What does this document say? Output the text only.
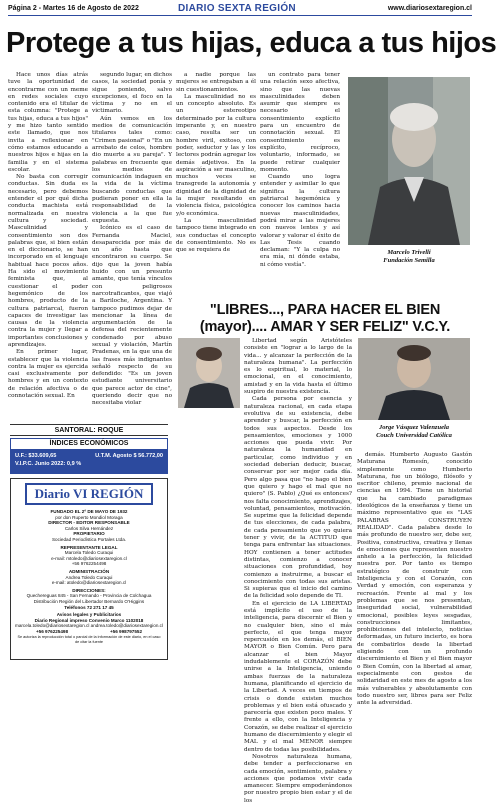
Página 2 - Martes 16 de Agosto de 2022	DIARIO SEXTA REGIÓN	www.diariosextaregion.cl
Protege a tus hijas, educa a tus hijos
Hace unos días atrás tuve la oportunidad de encontrarme con un meme en redes sociales cuyo contenido era el titular de esta columna: "Protege a tus hijas, educa a tus hijos" y me hizo tanto sentido este llamado, que nos invita a reflexionar en cómo estamos educando a nuestros hijos e hijas en la familia y en el sistema escolar.
No basta con corregir conductas. Sin duda es necesario, pero debemos entender el por qué dicha conducta machista está normalizada en nuestra cultura y sociedad. Masculinidad y consentimiento son dos palabras que, si bien están en el diccionario, se han incorporado en el lenguaje habitual hace pocos años. Ha sido el movimiento feminista que, al cuestionar el poder hegemónico de los hombres, producto de la cultura patriarcal, fueron capaces de investigar las causas de la violencia contra la mujer y llegar a importantes conclusiones y aprendizajes.
En primer lugar, establecer que la violencia contra la mujer es ejercida casi exclusivamente por hombres y en un contexto de relación afectiva o de connotación sexual. En
segundo lugar, en dichos casos, la sociedad ponía y sigue poniendo, salvo excepciones, el foco en la víctima y no en el victimario.
Aún vemos en los medios de comunicación titulares tales como: "Crimen pasional" o "En un arrebato de celos, hombre dio muerte a su pareja". Y palabras en frecuente que los medios de comunicación indaguen en la vida de la víctima buscando conductas que pudieran poner en ella la responsabilidad de la violencia a la que fue expuesta.
Icónico es el caso de Fernanda Maciel, desaparecida por más de un año hasta que encontraron su cuerpo. Se dijo que la joven había huido con un presunto amante, que tenía vínculos con peligrosos narcotraficantes, que viajó a Bariloche, Argentina. Y tampoco pudimos dejar de mencionar la línea de argumentación de la defensa del recientemente condenado por abuso sexual y violación, Martín Pradenas, en la que una de las frases más indignantes señaló respecto de su defendido: "Es un joven estudiante universitario que parece actor de cine", queriendo decir que no necesitaba violar
a nadie porque las mujeres se entregaban a él sin cuestionamientos.
La masculinidad no es un concepto absoluto. Es un estereotipo determinado por la cultura imperante y, en nuestro caso, resulta ser un hombre viril, exitoso, con poder, seductor y las y los lectores podrán agregar los demás adjetivos. En la aspiración a ser masculino, muchos veces se transgrede la autonomía y dignidad de la dignidad de la mujer resultando en violencia física, psicológica y/o económica.
La masculinidad tampoco tiene integrado en sus conductas el concepto de consentimiento. No es que se requiera de
un contrato para tener una relación sexo afectiva, sino que las nuevas masculinidades deben asumir que siempre es necesario el consentimiento explícito para un encuentro de connotación sexual. El consentimiento es explícito, recíproco, voluntario, informado, se puede retirar cualquier momento.
Cuando uno logra entender y asimilar lo que significa la cultura patriarcal hegemónica y conocer los caminos hacia nuevas masculinidades, podrá mirar a las mujeres con nuevos lentes y así valorar y valorar el éxito de Las Tesis cuando declaman: "Y la culpa no era mía, ni dónde estaba, ni cómo vestía".
Marcelo Trivelli
Fundación Semilla
"LIBRES..., PARA HACER EL BIEN (mayor).... AMAR Y SER FELIZ" V.C.Y.
Libertad según Aristóteles consiste en "lograr a lo largo de la vida... y alcanzar la perfección de la naturaleza humana". La perfección es lo espiritual, lo material, lo emocional, en el conocimiento, amistad y en la vida hasta el último suspiro de nuestra existencia.
Cada persona por esencia y naturaleza racional, en cada etapa evolutiva de su existencia, debe aprender y buscar, la perfección en todos sus aspectos. Desde los pensamientos, emociones y 1000 acciones que pueda vivir. Por naturaleza la humanidad en particular, como individuo y en sociedad deberían deducir, buscar, conservar por ser mejor cada día. Pero algo pasa que "no hago el bien que quiero y hago el mal que no quiero" (S. Pablo) ¿Qué es entonces? nos falta conocimiento, aprendizajes, voluntad, pensamientos, motivación. Se suprime que la felicidad depende de tus elecciones, de cada palabra, de cada pensamiento que yo quiera tener y vivir, de la ACTITUD que tenga para enfrentar las situaciones. HOY contienen a tener actitudes distintas, comienzo a conocer situaciones con profundidad, hoy comienzo a instruirme, a buscar el conocimiento con todas sus aristas. Si supieras que el inicio del camino de la felicidad solo depende de TI.
En el ejercicio de LA LIBERTAD está implícito el uso de la inteligencia, para discernir el Bien y no cualquier bien, sino el más perfecto, el que tenga mayor repercusión en los demás, el BIEN MAYOR o Bien Común. Pero para alcanzar el bien Mayor indudablemente el CORAZÓN debe unirse a la Inteligencia, uniendo ambas fuerzas de la naturaleza humana, planificando el ejercicio de la Libertad. A veces en tiempos de crisis o donde existen muchos problemas y el bien está ofuscado y parecería que existen poco males. Y frente a ello, con la Inteligencia y Corazón, se debe realizar el ejercicio humano de discernimiento y elegir el MAL y el mal MENOR siempre dentro de todas las posibilidades.
Nosotros naturaleza humana, debe tender a perfeccionarse en cada emoción, sentimiento, palabra y acciones que podamos vivir cada amanecer. Siempre empoderándonos por nuestro propio bien estar y el de los
demás. Humberto Augusto Gastón Maturana Romesín, conocido simplemente como Humberto Maturana, fue un biólogo, filósofo y escritor chileno, premio nacional de ciencias en 1994. Tiene un historial que ha cambiado paradigmas ideológicos de la enseñanza y tiene un máximo representativo que es "LAS PALABRAS CONSTRUYEN REALIDAD". Cada palabra desde lo más profundo de nuestro ser, debe ser, Positiva, constructiva, creativa y llenas de emociones que representen nuestro anhelo a la perfección, la felicidad nuestra por. Por tanto es tiempo estratégico de construir con Inteligencia y con el Corazón, con Verdad y emoción, con esperanza y recreación. Frente al mal y los problemas que se nos presentan, inseguridad social, vulnerabilidad emocional, posibles leyes sesgadas, construcciones limitantes, prohibiciones del intelecto, noticias deformadas, un futuro incierto, es hora de combatirlos desde la libertad eligiendo con un profundo discernimiento el Bien y el Bien mayor o Bien Común, con la libertad al amar, especialmente con gestos de solidaridad en este mes de agosto a los más vulnerables y absolutamente con todo nuestro ser, libres para ser Feliz ante la adversidad.
Jorge Vásquez Valenzuela
Couch Universidad Católica
SANTORAL: ROQUE
ÍNDICES ECONÓMICOS
U.F.: $33.609,65	U.T.M. Agosto $ 56.772,00
V.I.P.C. Junio 2022: 0,9 %
Diario VI REGIÓN
FUNDADO EL 2º DE MAYO DE 1932
por don Ruperto Mondiol Moraga
DIRECTOR - EDITOR RESPONSABLE
Carlos Silva Hernández
PROPIETARIO
Sociedad Periodística Portales Ltda.
REPRESENTANTE LEGAL
Marcela Toledo Curaqui
e-mail: mtoledo@diariosextaregion.cl
+56 9762254498
ADMINISTRACIÓN
Andrea Toledo Curaqui
e-mail: atoledo@diariosextaregion.cl
DIRECCIONES:
Quechereguas 845 - San Fernando - Provincia de Colchagua
Distribución Región del Libertador Bernardo O'Higgins
Teléfonos 72 271 17 45
Avisos legales y Publicitarios
Diario Regional impreso Convenio Marco 1102018
marcela.toledo@diariosextaregion.cl andrea.toledo@diariosextaregion.cl
+56 976225498	+56 998797552
Se autoriza la reproducción total o parcial de la información de este diario, en el caso de citar la fuente
